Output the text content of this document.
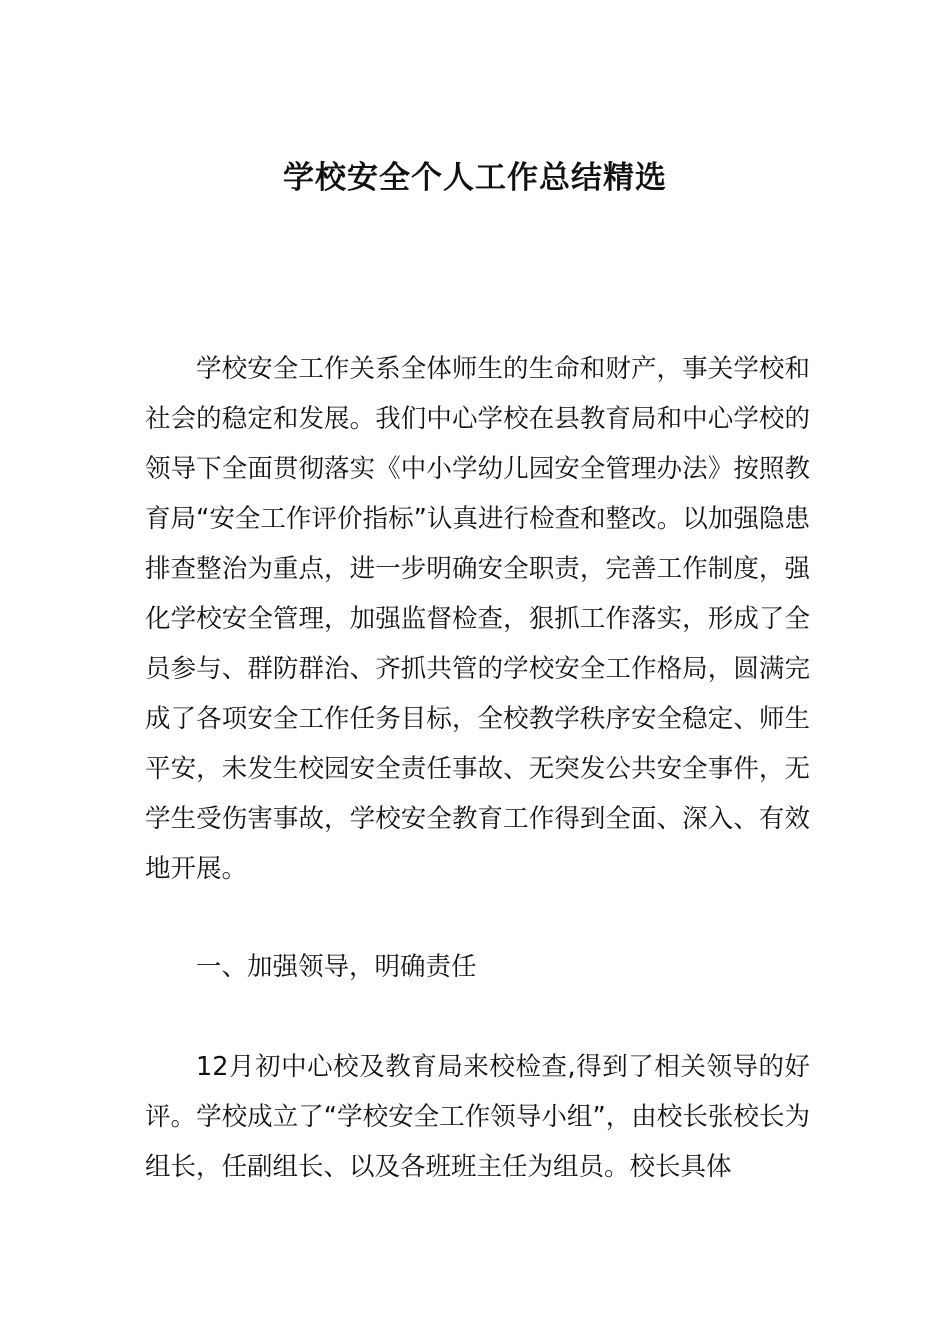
学校安全个人工作总结精选

学校安全工作关系全体师生的生命和财产，事关学校和社会的稳定和发展。我们中心学校在县教育局和中心学校的领导下全面贯彻落实《中小学幼儿园安全管理办法》按照教育局“安全工作评价指标”认真进行检查和整改。以加强隐患排查整治为重点，进一步明确安全职责，完善工作制度，强化学校安全管理，加强监督检查，狠抓工作落实，形成了全员参与、群防群治、齐抓共管的学校安全工作格局，圆满完成了各项安全工作任务目标，全校教学秩序安全稳定、师生平安，未发生校园安全责任事故、无突发公共安全事件，无学生受伤害事故，学校安全教育工作得到全面、深入、有效地开展。

一、加强领导，明确责任

12月初中心校及教育局来校检查,得到了相关领导的好评。学校成立了“学校安全工作领导小组”，由校长张校长为组长，任副组长、以及各班班主任为组员。校长具体
